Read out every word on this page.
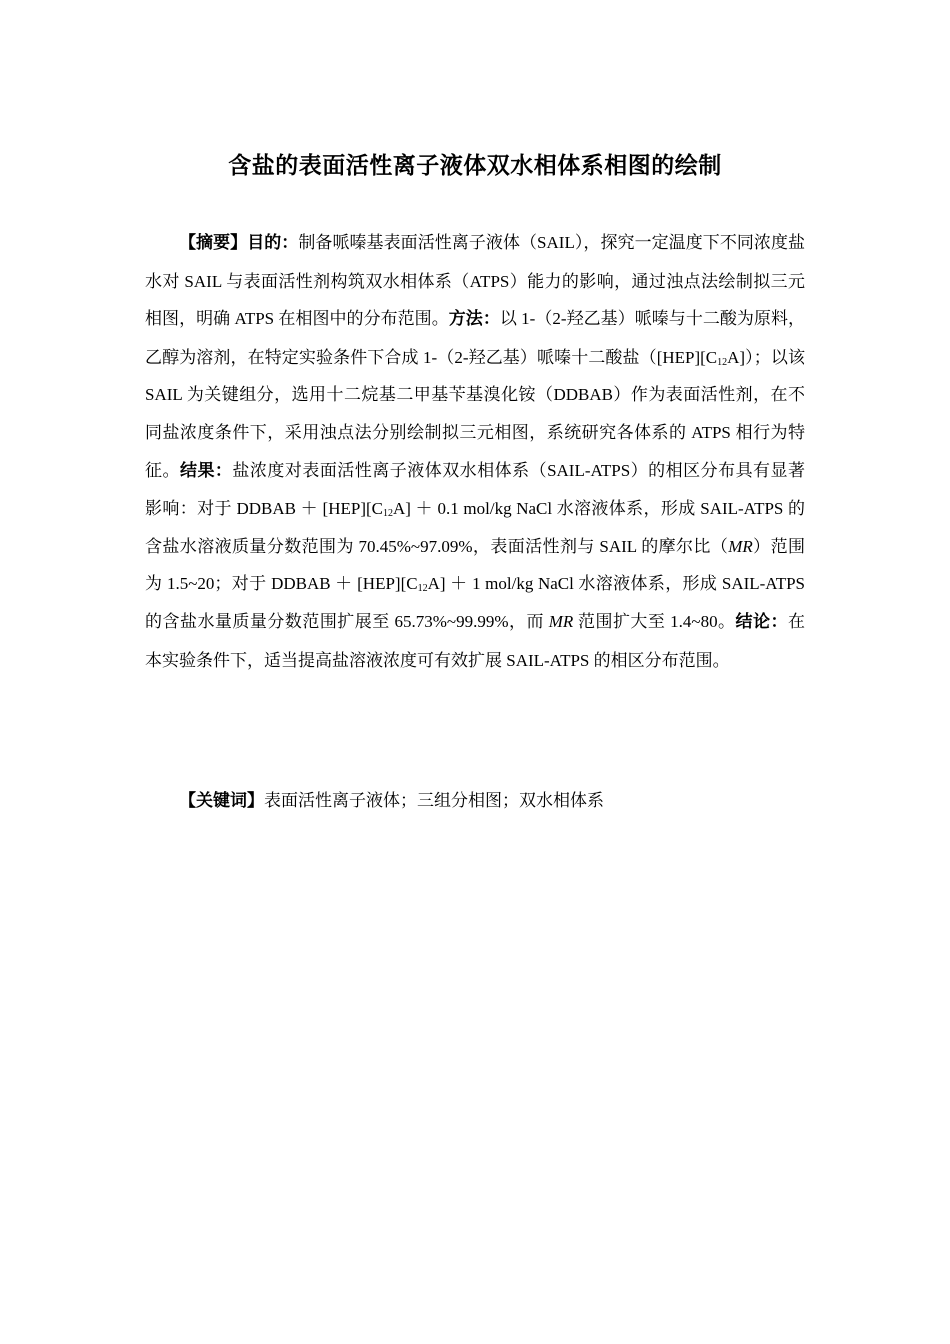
含盐的表面活性离子液体双水相体系相图的绘制

【摘要】目的：制备哌嗪基表面活性离子液体（SAIL），探究一定温度下不同浓度盐水对 SAIL 与表面活性剂构筑双水相体系（ATPS）能力的影响，通过浊点法绘制拟三元相图，明确 ATPS 在相图中的分布范围。方法：以 1-（2-羟乙基）哌嗪与十二酸为原料，乙醇为溶剂，在特定实验条件下合成 1-（2-羟乙基）哌嗪十二酸盐$([HEP][C_{12}A])$；以该 SAIL 为关键组分，选用十二烷基二甲基苄基溴化铵（DDBAB）作为表面活性剂，在不同盐浓度条件下，采用浊点法分别绘制拟三元相图，系统研究各体系的 ATPS 相行为特征。结果：盐浓度对表面活性离子液体双水相体系（SAIL-ATPS）的相区分布具有显著影响：对于 DDBAB ＋ $[HEP][C_{12}A] + 0.1$ mol/kg NaCl 水溶液体系，形成 SAIL-ATPS 的含盐水溶液质量分数范围为 70.45%~97.09%，表面活性剂与 SAIL 的摩尔比（MR）范围为 1.5~20；对于 DDBAB ＋ $[HEP][C_{12}A] + 1$ mol/kg NaCl 水溶液体系，形成 SAIL-ATPS 的含盐水量质量分数范围扩展至 65.73%~99.99%，而 MR 范围扩大至 1.4~80。结论：在本实验条件下，适当提高盐溶液浓度可有效扩展 SAIL-ATPS 的相区分布范围。

【关键词】表面活性离子液体；三组分相图；双水相体系
